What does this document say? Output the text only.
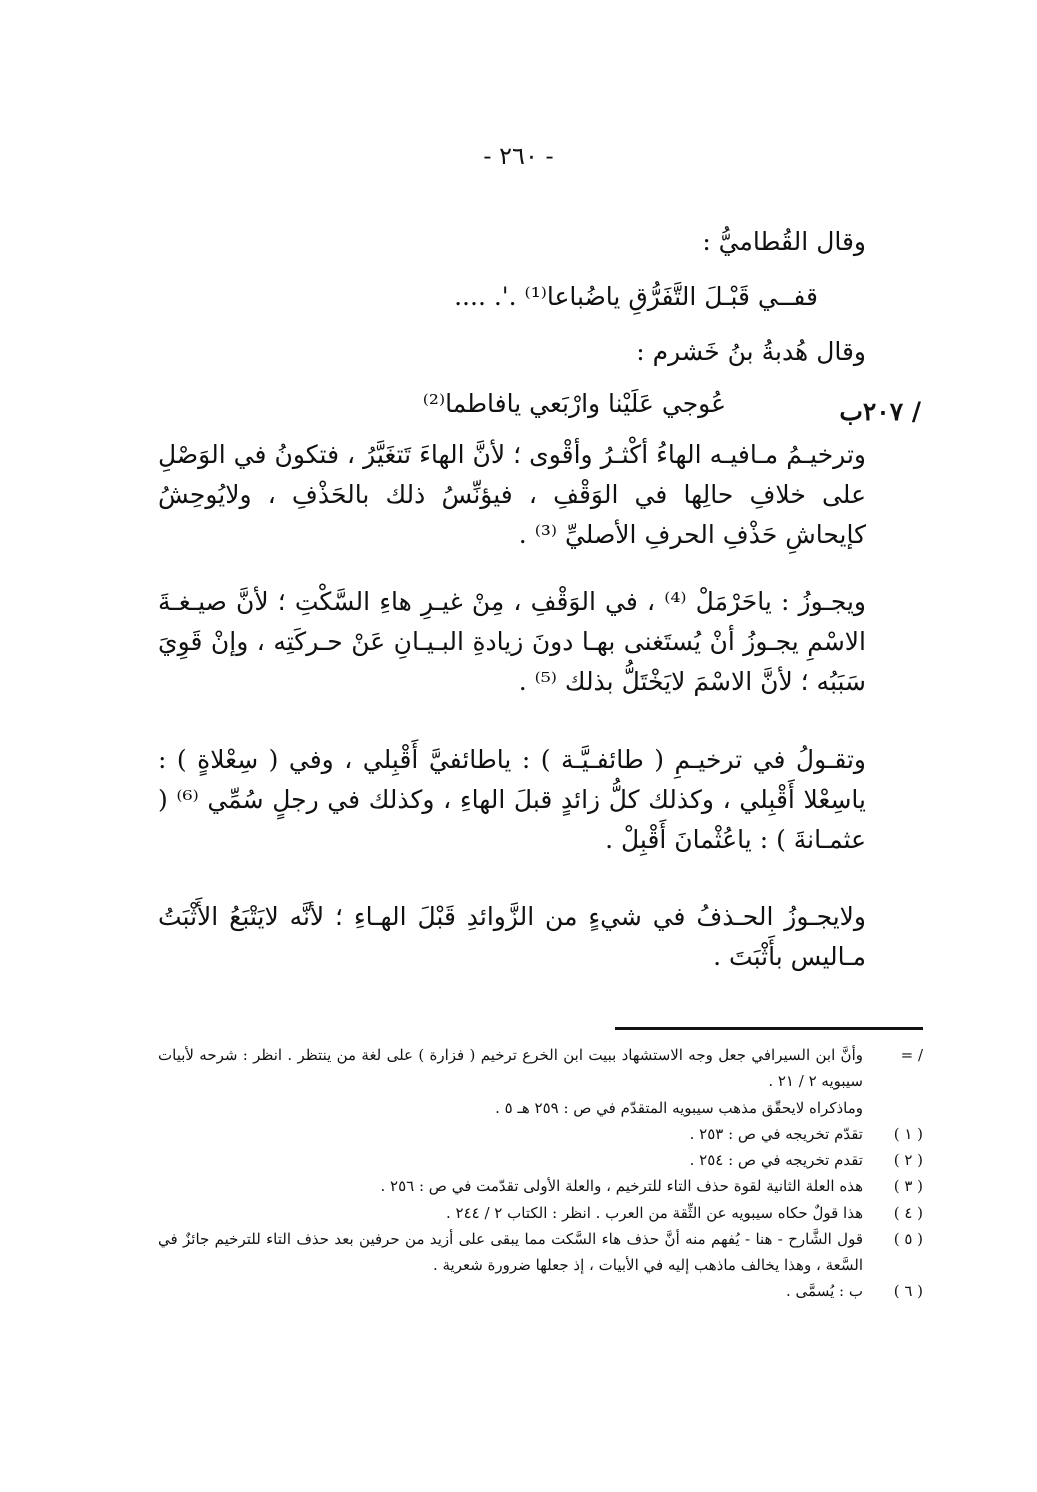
- ٢٦٠ -
وقال القُطاميُّ :
قفــي قَبْـلَ التَّفَرُّقِ ياضُباعا⁽¹⁾ .'. ....
وقال هُدبةُ بنُ خَشرم :
/ ٢٠٧ب
عُوجي عَلَيْنا وارْبَعي يافاطما⁽²⁾

وترخيـمُ مـافيـه الهاءُ أكْثـرُ وأقْوى ؛ لأنَّ الهاءَ تَتغَيَّرُ ، فتكونُ في الوَصْلِ على خلافِ حالِها في الوَقْفِ ، فيؤنِّسُ ذلك بالحَذْفِ ، ولايُوحِشُ كإيحاشِ حَذْفِ الحرفِ الأصليِّ ⁽³⁾ .

ويجـوزُ : ياحَرْمَلْ ⁽⁴⁾ ، في الوَقْفِ ، مِنْ غيـرِ هاءِ السَّكْتِ ؛ لأنَّ صيـغـةَ الاسْمِ يجـوزُ أنْ يُستَغنى بهـا دونَ زيادةِ البـيـانِ عَنْ حـركَتِه ، وإنْ قَوِيَ سَبَبُه ؛ لأنَّ الاسْمَ لايَخْتَلُّ بذلك ⁽⁵⁾ .

وتقـولُ في ترخيـمِ ( طائفـيَّـة ) : ياطائفيَّ أَقْبِلي ، وفي ( سِعْلاةٍ ) : ياسِعْلا أَقْبِلي ، وكذلك كلُّ زائدٍ قبلَ الهاءِ ، وكذلك في رجلٍ سُمِّي ⁽⁶⁾ ( عثمـانةَ ) : ياعُثْمانَ أَقْبِلْ .

ولايجـوزُ الحـذفُ في شيءٍ من الزَّوائدِ قَبْلَ الهـاءِ ؛ لأنَّه لايَتْبَعُ الأَثْبَتُ مـاليس بأَثْبَتَ .

/ =
وأنَّ ابن السيرافي جعل وجه الاستشهاد ببيت ابن الخرع ترخيم ( فزارة ) على لغة من ينتظر . انظر : شرحه لأبيات سيبويه ٢ / ٢١ .
وماذكراه لايحقّق مذهب سيبويه المتقدّم في ص : ٢٥٩ هـ ٥ .
( ١ )
تقدّم تخريجه في ص : ٢٥٣ .
( ٢ )
تقدم تخريجه في ص : ٢٥٤ .
( ٣ )
هذه العلة الثانية لقوة حذف التاء للترخيم ، والعلة الأولى تقدّمت في ص : ٢٥٦ .
( ٤ )
هذا قولٌ حكاه سيبويه عن الثِّقة من العرب . انظر : الكتاب ٢ / ٢٤٤ .
( ٥ )
قول الشَّارح - هنا - يُفهم منه أنَّ حذف هاء السَّكت مما يبقى على أزيد من حرفين بعد حذف التاء للترخيم جائزٌ في السَّعة ، وهذا يخالف ماذهب إليه في الأبيات ، إذ جعلها ضرورة شعرية .
( ٦ )
ب : يُسمَّى .
